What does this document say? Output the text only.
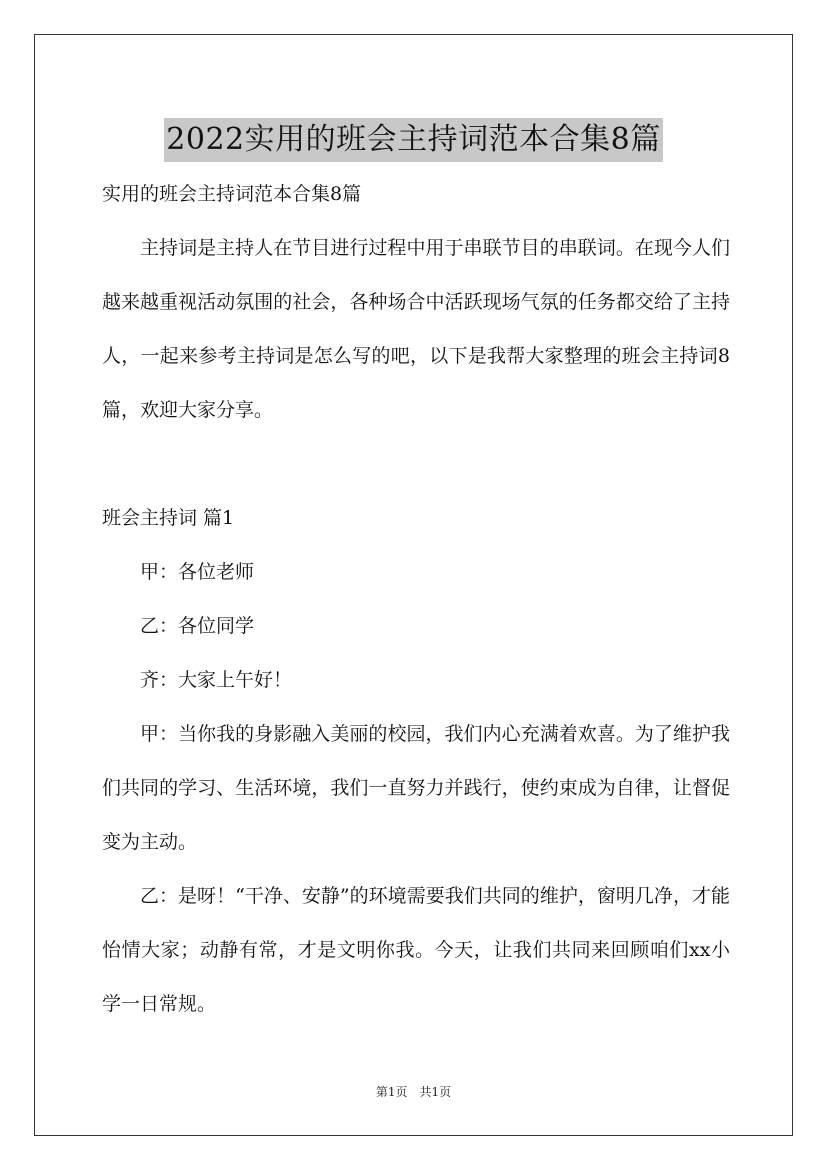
2022实用的班会主持词范本合集8篇

实用的班会主持词范本合集8篇

主持词是主持人在节目进行过程中用于串联节目的串联词。在现今人们越来越重视活动氛围的社会，各种场合中活跃现场气氛的任务都交给了主持人，一起来参考主持词是怎么写的吧，以下是我帮大家整理的班会主持词8篇，欢迎大家分享。

班会主持词 篇1

甲：各位老师

乙：各位同学

齐：大家上午好！

甲：当你我的身影融入美丽的校园，我们内心充满着欢喜。为了维护我们共同的学习、生活环境，我们一直努力并践行，使约束成为自律，让督促变为主动。

乙：是呀！“干净、安静”的环境需要我们共同的维护，窗明几净，才能怡情大家；动静有常，才是文明你我。今天，让我们共同来回顾咱们xx小学一日常规。

第1页　共1页
